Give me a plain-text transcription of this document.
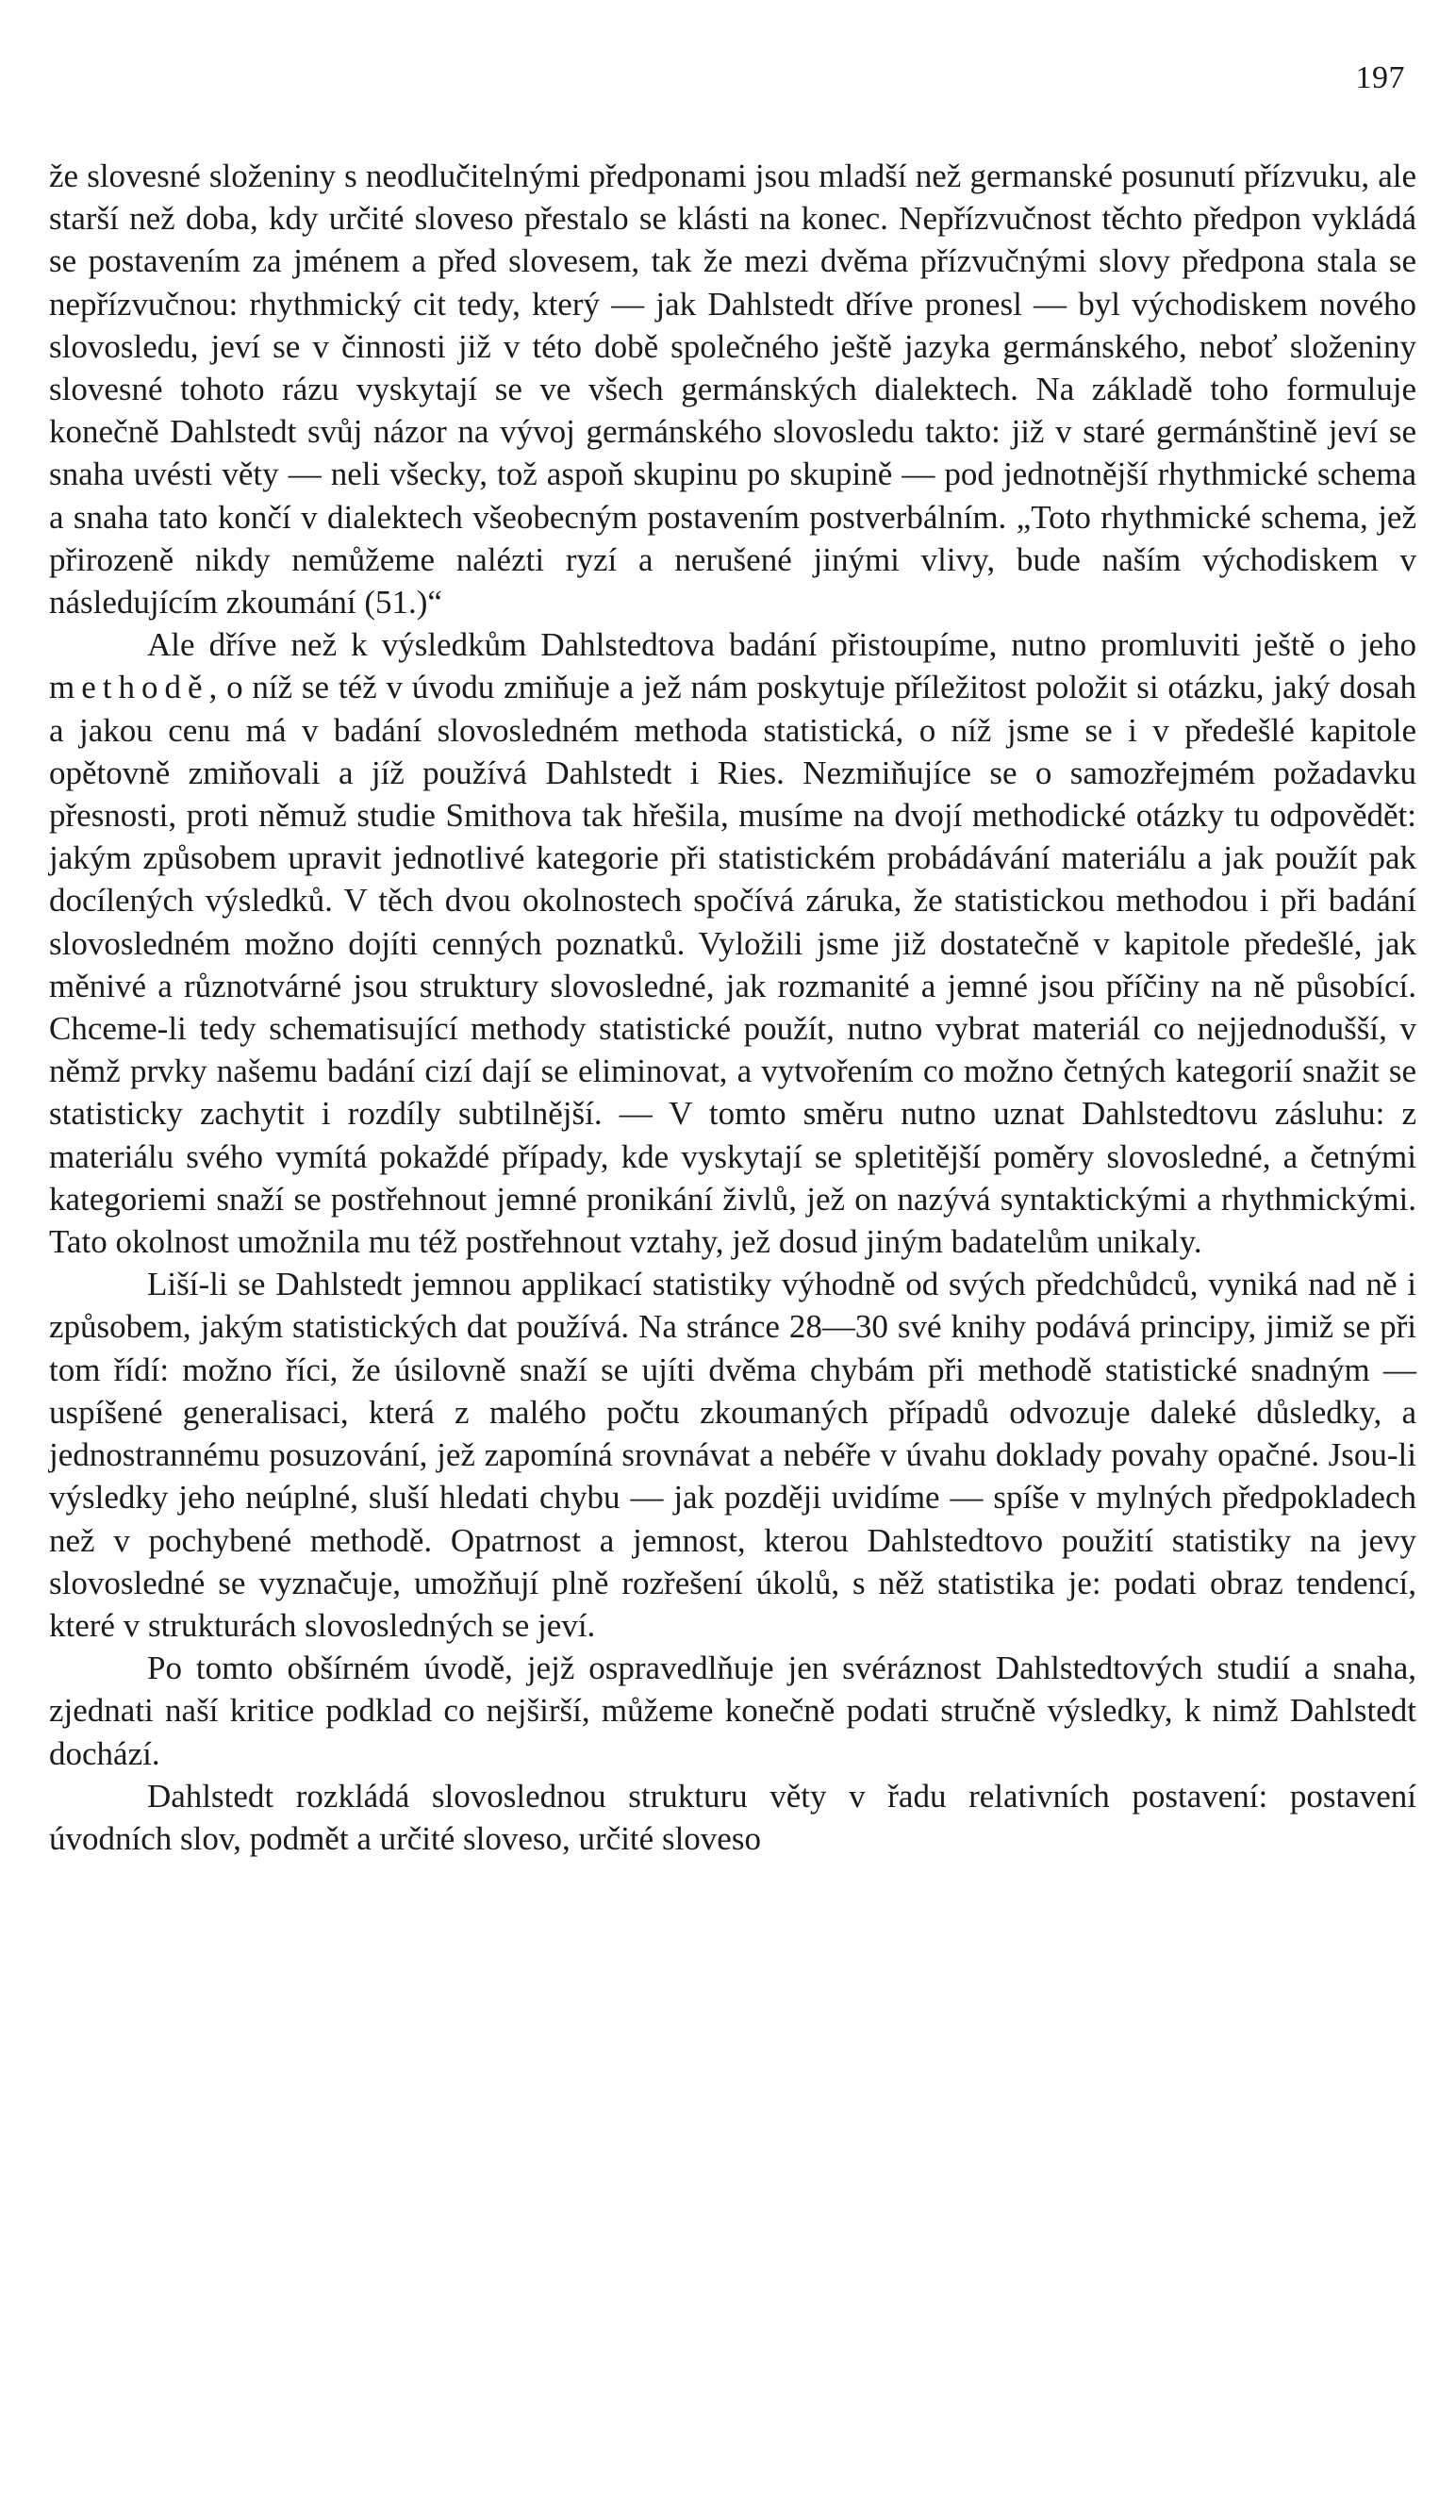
197

že slovesné složeniny s neodlučitelnými předponami jsou mladší než germanské posunutí přízvuku, ale starší než doba, kdy určité sloveso přestalo se klásti na konec. Nepřízvučnost těchto předpon vykládá se postavením za jménem a před slovesem, tak že mezi dvěma přízvučnými slovy předpona stala se nepřízvučnou: rhythmický cit tedy, který — jak Dahlstedt dříve pronesl — byl východiskem nového slovosledu, jeví se v činnosti již v této době společného ještě jazyka germánského, neboť složeniny slovesné tohoto rázu vyskytají se ve všech germánských dialektech. Na základě toho formuluje konečně Dahlstedt svůj názor na vývoj germánského slovosledu takto: již v staré germánštině jeví se snaha uvésti věty — neli všecky, tož aspoň skupinu po skupině — pod jednotnější rhythmické schema a snaha tato končí v dialektech všeobecným postavením postverbálním. „Toto rhythmické schema, jež přirozeně nikdy nemůžeme nalézti ryzí a nerušené jinými vlivy, bude naším východiskem v následujícím zkoumání (51.)“

Ale dříve než k výsledkům Dahlstedtova badání přistoupíme, nutno promluviti ještě o jeho methodě, o níž se též v úvodu zmiňuje a jež nám poskytuje příležitost položit si otázku, jaký dosah a jakou cenu má v badání slovosledném methoda statistická, o níž jsme se i v předešlé kapitole opětovně zmiňovali a jíž používá Dahlstedt i Ries. Nezmiňujíce se o samozřejmém požadavku přesnosti, proti němuž studie Smithova tak hřešila, musíme na dvojí methodické otázky tu odpovědět: jakým způsobem upravit jednotlivé kategorie při statistickém probádávání materiálu a jak použít pak docílených výsledků. V těch dvou okolnostech spočívá záruka, že statistickou methodou i při badání slovosledném možno dojíti cenných poznatků. Vyložili jsme již dostatečně v kapitole předešlé, jak měnivé a různotvárné jsou struktury slovosledné, jak rozmanité a jemné jsou příčiny na ně působící. Chceme-li tedy schematisující methody statistické použít, nutno vybrat materiál co nejjednodušší, v němž prvky našemu badání cizí dají se eliminovat, a vytvořením co možno četných kategorií snažit se statisticky zachytit i rozdíly subtilnější. — V tomto směru nutno uznat Dahlstedtovu zásluhu: z materiálu svého vymítá pokaždé případy, kde vyskytají se spletitější poměry slovosledné, a četnými kategoriemi snaží se postřehnout jemné pronikání živlů, jež on nazývá syntaktickými a rhythmickými. Tato okolnost umožnila mu též postřehnout vztahy, jež dosud jiným badatelům unikaly.

Liší-li se Dahlstedt jemnou applikací statistiky výhodně od svých předchůdců, vyniká nad ně i způsobem, jakým statistických dat používá. Na stránce 28—30 své knihy podává principy, jimiž se při tom řídí: možno říci, že úsilovně snaží se ujíti dvěma chybám při methodě statistické snadným — uspíšené generalisaci, která z malého počtu zkoumaných případů odvozuje daleké důsledky, a jednostrannému posuzování, jež zapomíná srovnávat a nebéře v úvahu doklady povahy opačné. Jsou-li výsledky jeho neúplné, sluší hledati chybu — jak později uvidíme — spíše v mylných předpokladech než v pochybené methodě. Opatrnost a jemnost, kterou Dahlstedtovo použití statistiky na jevy slovosledné se vyznačuje, umožňují plně rozřešení úkolů, s něž statistika je: podati obraz tendencí, které v strukturách slovosledných se jeví.

Po tomto obšírném úvodě, jejž ospravedlňuje jen svéráznost Dahlstedtových studií a snaha, zjednati naší kritice podklad co nejširší, můžeme konečně podati stručně výsledky, k nimž Dahlstedt dochází.

Dahlstedt rozkládá slovoslednou strukturu věty v řadu relativních postavení: postavení úvodních slov, podmět a určité sloveso, určité sloveso
